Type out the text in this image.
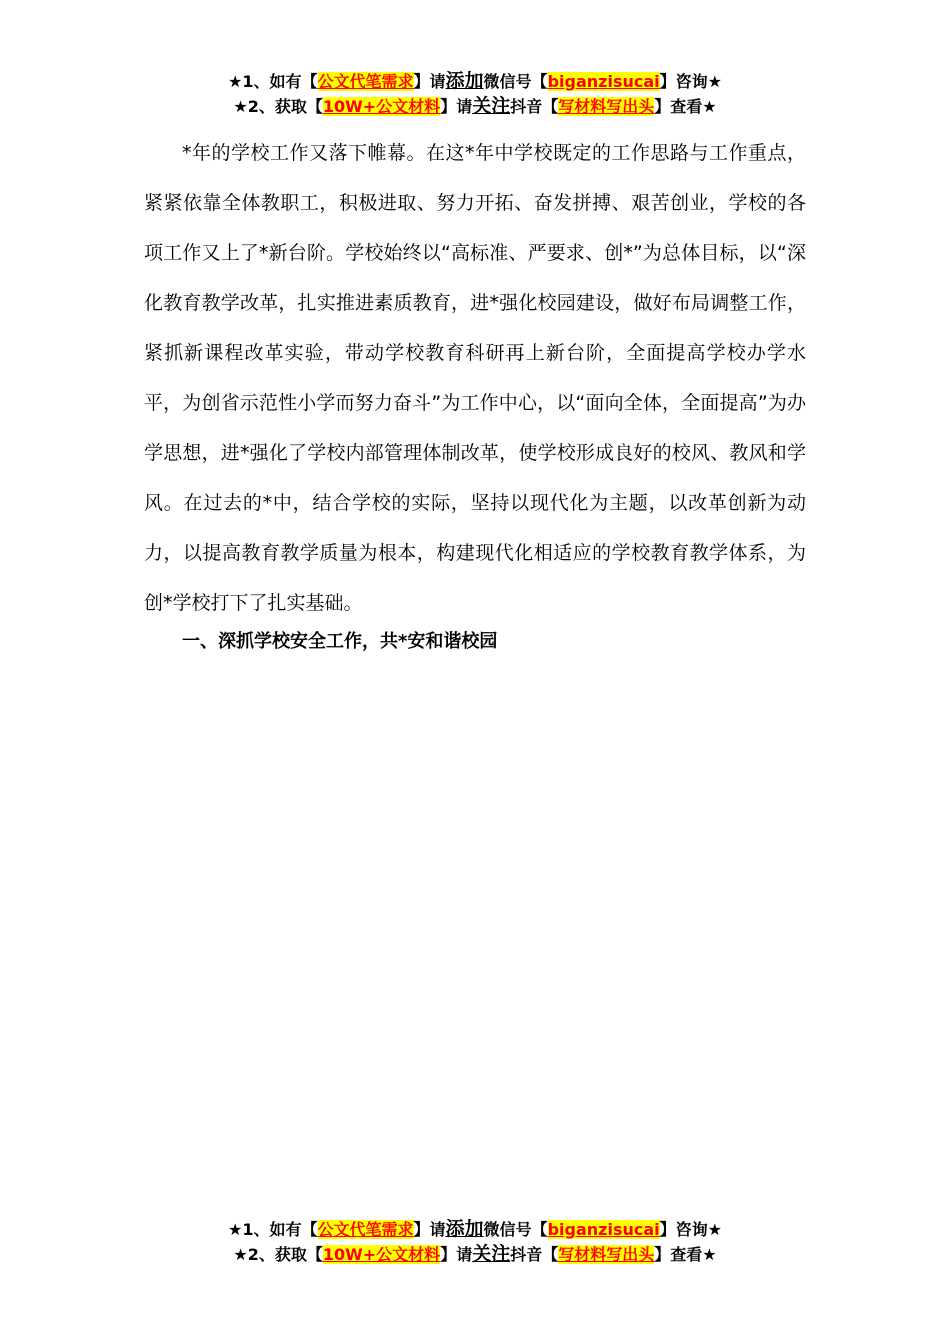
★1、如有【公文代笔需求】请添加微信号【biganzisucai】咨询★
★2、获取【10W+公文材料】请关注抖音【写材料写出头】查看★

*年的学校工作又落下帷幕。在这*年中学校既定的工作思路与工作重点，紧紧依靠全体教职工，积极进取、努力开拓、奋发拼搏、艰苦创业，学校的各项工作又上了*新台阶。学校始终以“高标准、严要求、创*”为总体目标，以“深化教育教学改革，扎实推进素质教育，进*强化校园建设，做好布局调整工作，紧抓新课程改革实验，带动学校教育科研再上新台阶，全面提高学校办学水平，为创省示范性小学而努力奋斗”为工作中心，以“面向全体，全面提高”为办学思想，进*强化了学校内部管理体制改革，使学校形成良好的校风、教风和学风。在过去的*中，结合学校的实际，坚持以现代化为主题，以改革创新为动力，以提高教育教学质量为根本，构建现代化相适应的学校教育教学体系，为创*学校打下了扎实基础。

一、深抓学校安全工作，共*安和谐校园
★1、如有【公文代笔需求】请添加微信号【biganzisucai】咨询★
★2、获取【10W+公文材料】请关注抖音【写材料写出头】查看★
